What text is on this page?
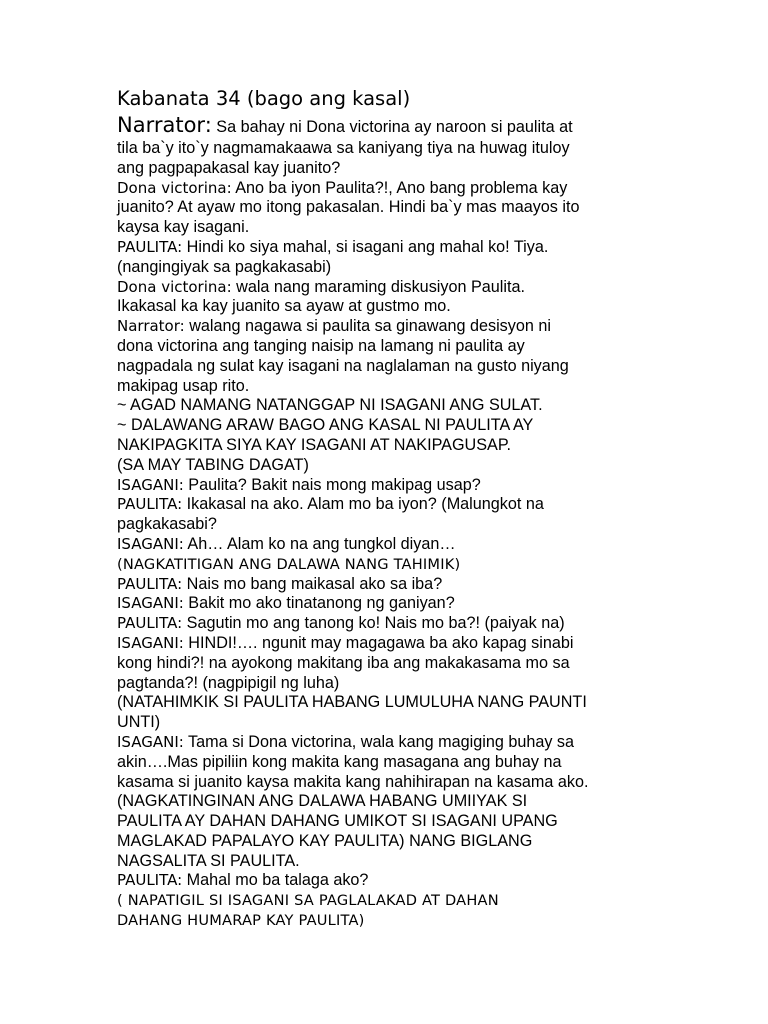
Kabanata 34 (bago ang kasal)

Narrator: Sa bahay ni Dona victorina ay naroon si paulita at

tila ba`y ito`y nagmamakaawa sa kaniyang tiya na huwag ituloy

ang pagpapakasal kay juanito?

Dona victorina: Ano ba iyon Paulita?!, Ano bang problema kay

juanito? At ayaw mo itong pakasalan. Hindi ba`y mas maayos ito

kaysa kay isagani.

PAULITA: Hindi ko siya mahal, si isagani ang mahal ko! Tiya.

(nangingiyak sa pagkakasabi)

Dona victorina: wala nang maraming diskusiyon Paulita.

Ikakasal ka kay juanito sa ayaw at gustmo mo.

Narrator: walang nagawa si paulita sa ginawang desisyon ni

dona victorina ang tanging naisip na lamang ni paulita ay

nagpadala ng sulat kay isagani na naglalaman na gusto niyang

makipag usap rito.

~ AGAD NAMANG NATANGGAP NI ISAGANI ANG SULAT.

~ DALAWANG ARAW BAGO ANG KASAL NI PAULITA AY

NAKIPAGKITA SIYA KAY ISAGANI AT NAKIPAGUSAP.

(SA MAY TABING DAGAT)

ISAGANI: Paulita? Bakit nais mong makipag usap?

PAULITA: Ikakasal na ako. Alam mo ba iyon? (Malungkot na

pagkakasabi?

ISAGANI: Ah… Alam ko na ang tungkol diyan…

(NAGKATITIGAN ANG DALAWA NANG TAHIMIK)

PAULITA: Nais mo bang maikasal ako sa iba?

ISAGANI: Bakit mo ako tinatanong ng ganiyan?

PAULITA: Sagutin mo ang tanong ko! Nais mo ba?! (paiyak na)

ISAGANI: HINDI!…. ngunit may magagawa ba ako kapag sinabi

kong hindi?! na ayokong makitang iba ang makakasama mo sa

pagtanda?! (nagpipigil ng luha)

(NATAHIMKIK SI PAULITA HABANG LUMULUHA NANG PAUNTI

UNTI)

ISAGANI: Tama si Dona victorina, wala kang magiging buhay sa

akin….Mas pipiliin kong makita kang masagana ang buhay na

kasama si juanito kaysa makita kang nahihirapan na kasama ako.

(NAGKATINGINAN ANG DALAWA HABANG UMIIYAK SI

PAULITA AY DAHAN DAHANG UMIKOT SI ISAGANI UPANG

MAGLAKAD PAPALAYO KAY PAULITA) NANG BIGLANG

NAGSALITA SI PAULITA.

PAULITA: Mahal mo ba talaga ako?

( NAPATIGIL SI ISAGANI SA PAGLALAKAD AT DAHAN

DAHANG HUMARAP KAY PAULITA)
